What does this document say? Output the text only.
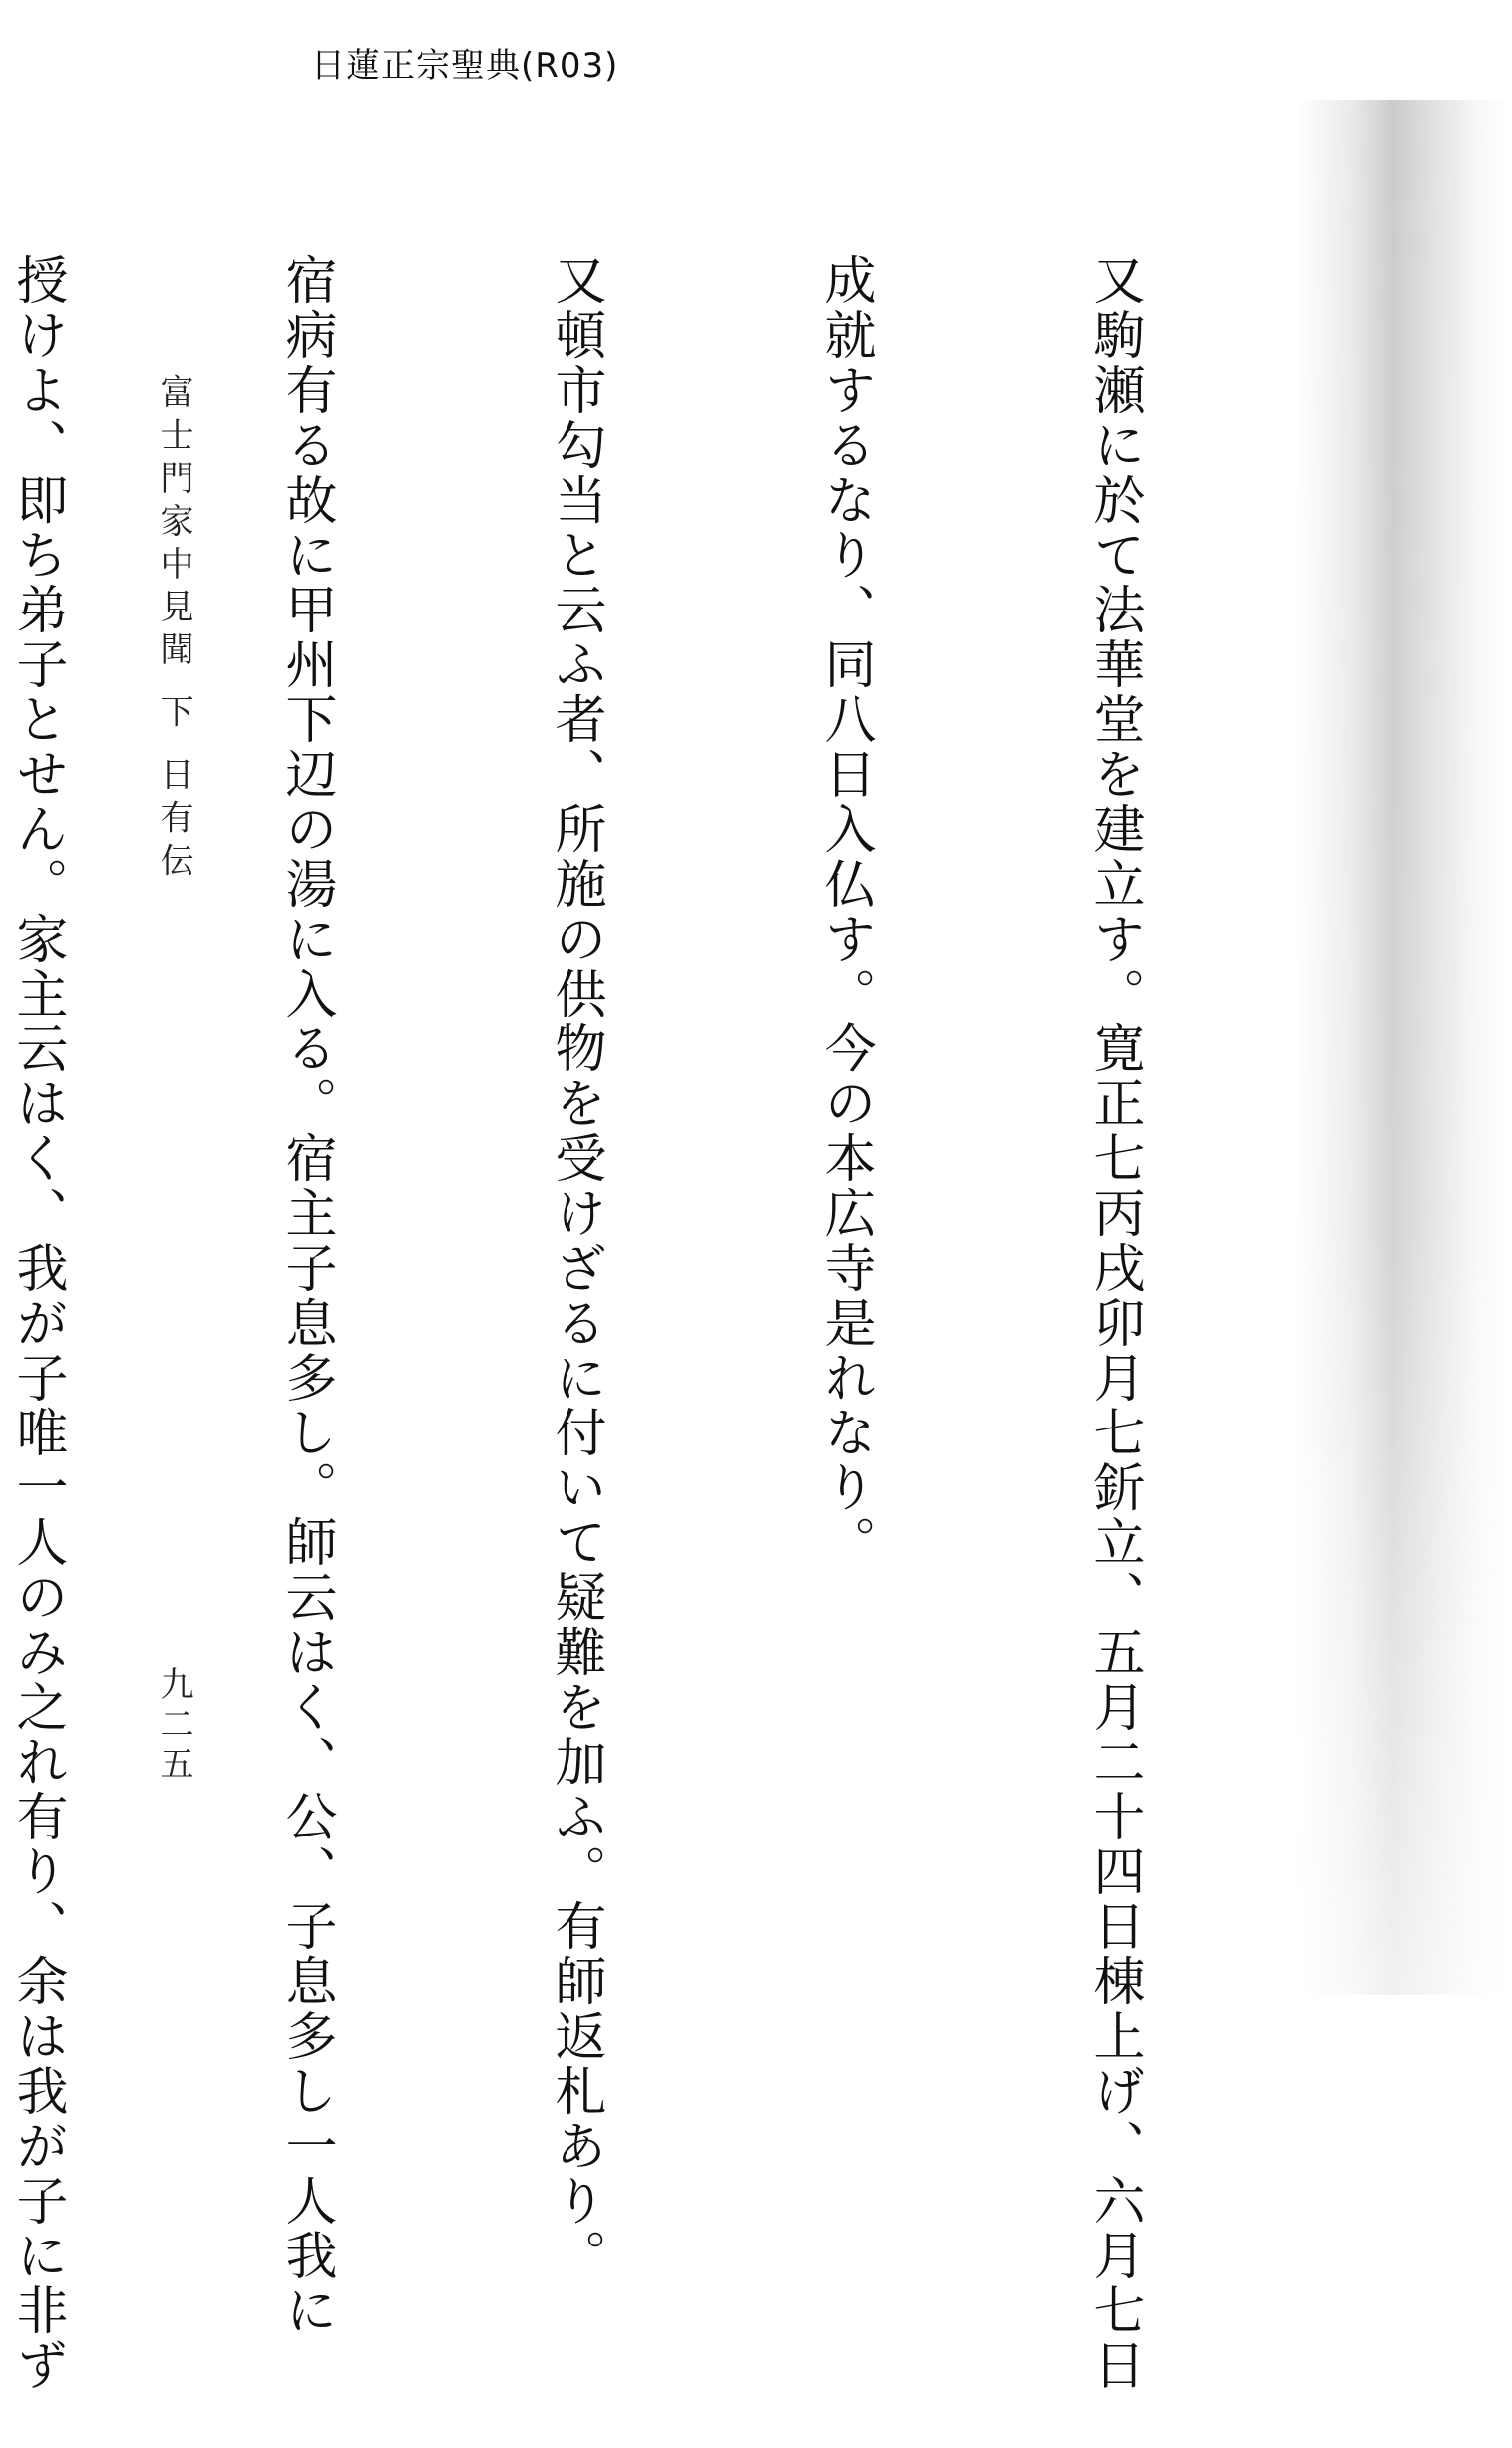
日蓮正宗聖典(R03)

又駒瀬に於て法華堂を建立す。寛正七丙戌卯月七釿立、五月二十四日棟上げ、六月七日

成就するなり、同八日入仏す。今の本広寺是れなり。

又頓市勾当と云ふ者、所施の供物を受けざるに付いて疑難を加ふ。有師返札あり。

宿病有る故に甲州下辺の湯に入る。宿主子息多し。師云はく、公、子息多し一人我に

授けよ、即ち弟子とせん。家主云はく、我が子唯一人のみ之れ有り、余は我が子に非ず

	富士門家中見聞 下 日有伝
九二五
